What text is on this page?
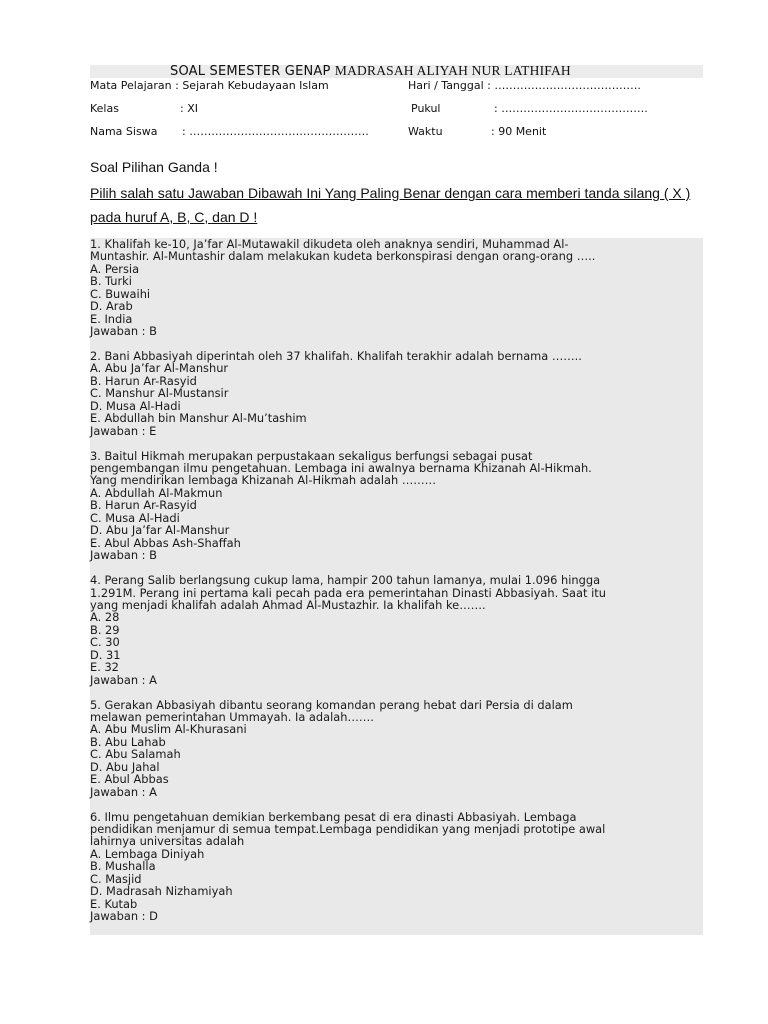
SOAL SEMESTER GENAP MADRASAH ALIYAH NUR LATHIFAH
Mata Pelajaran : Sejarah Kebudayaan Islam	Hari / Tanggal : ………………………………….
Kelas	: XI	Pukul	: ………………………………….
Nama Siswa : ………………………………………….	Waktu	: 90 Menit
Soal Pilihan Ganda !
Pilih salah satu Jawaban Dibawah Ini Yang Paling Benar dengan cara memberi tanda silang ( X ) pada huruf A, B, C, dan D !
1. Khalifah ke-10, Ja’far Al-Mutawakil dikudeta oleh anaknya sendiri, Muhammad Al-
Muntashir. Al-Muntashir dalam melakukan kudeta berkonspirasi dengan orang-orang …..
A. Persia
B. Turki
C. Buwaihi
D. Arab
E. India
Jawaban : B
2. Bani Abbasiyah diperintah oleh 37 khalifah. Khalifah terakhir adalah bernama ……..
A. Abu Ja’far Al-Manshur
B. Harun Ar-Rasyid
C. Manshur Al-Mustansir
D. Musa Al-Hadi
E. Abdullah bin Manshur Al-Mu’tashim
Jawaban : E
3. Baitul Hikmah merupakan perpustakaan sekaligus berfungsi sebagai pusat
pengembangan ilmu pengetahuan. Lembaga ini awalnya bernama Khizanah Al-Hikmah.
Yang mendirikan lembaga Khizanah Al-Hikmah adalah ………
A. Abdullah Al-Makmun
B. Harun Ar-Rasyid
C. Musa Al-Hadi
D. Abu Ja’far Al-Manshur
E. Abul Abbas Ash-Shaffah
Jawaban : B
4. Perang Salib berlangsung cukup lama, hampir 200 tahun lamanya, mulai 1.096 hingga
1.291M. Perang ini pertama kali pecah pada era pemerintahan Dinasti Abbasiyah. Saat itu
yang menjadi khalifah adalah Ahmad Al-Mustazhir. Ia khalifah ke…….
A. 28
B. 29
C. 30
D. 31
E. 32
Jawaban : A
5. Gerakan Abbasiyah dibantu seorang komandan perang hebat dari Persia di dalam
melawan pemerintahan Ummayah. Ia adalah…….
A. Abu Muslim Al-Khurasani
B. Abu Lahab
C. Abu Salamah
D. Abu Jahal
E. Abul Abbas
Jawaban : A
6. Ilmu pengetahuan demikian berkembang pesat di era dinasti Abbasiyah. Lembaga
pendidikan menjamur di semua tempat.Lembaga pendidikan yang menjadi prototipe awal
lahirnya universitas adalah
A. Lembaga Diniyah
B. Mushalla
C. Masjid
D. Madrasah Nizhamiyah
E. Kutab
Jawaban : D
